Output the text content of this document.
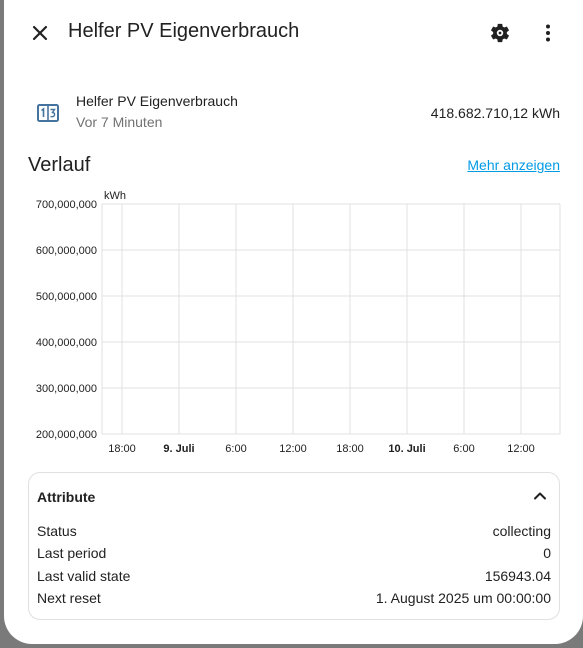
Helfer PV Eigenverbrauch
Helfer PV Eigenverbrauch
Vor 7 Minuten
418.682.710,12 kWh
Verlauf	Mehr anzeigen
kWh
200,000,000
300,000,000
400,000,000
500,000,000
600,000,000
700,000,000
18:00	9. Juli	6:00	12:00	18:00 10. Juli	6:00	12:00
Attribute
Status	collecting
Last period	0
Last valid state	156943.04
Next reset	1. August 2025 um 00:00:00
